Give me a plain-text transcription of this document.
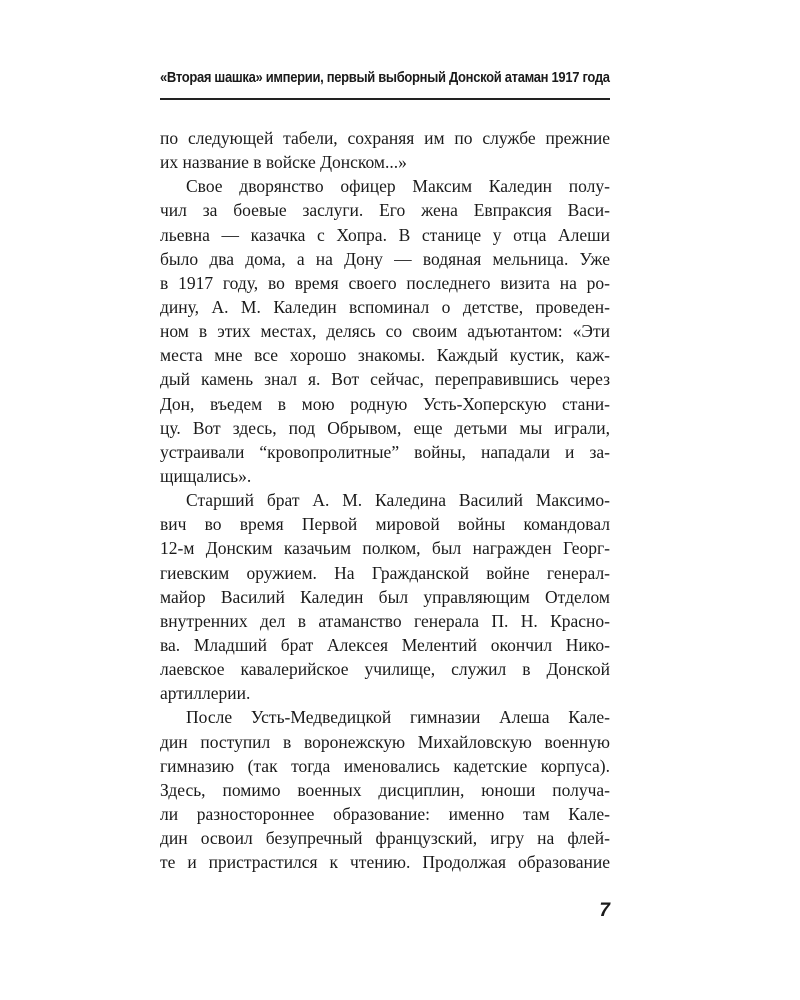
«Вторая шашка» империи, первый выборный Донской атаман 1917 года
по следующей табели, сохраняя им по службе прежние
их название в войске Донском...»
Свое дворянство офицер Максим Каледин полу-
чил за боевые заслуги. Его жена Евпраксия Васи-
льевна — казачка с Хопра. В станице у отца Алеши
было два дома, а на Дону — водяная мельница. Уже
в 1917 году, во время своего последнего визита на ро-
дину, А. М. Каледин вспоминал о детстве, проведен-
ном в этих местах, делясь со своим адъютантом: «Эти
места мне все хорошо знакомы. Каждый кустик, каж-
дый камень знал я. Вот сейчас, переправившись через
Дон, въедем в мою родную Усть-Хоперскую стани-
цу. Вот здесь, под Обрывом, еще детьми мы играли,
устраивали “кровопролитные” войны, нападали и за-
щищались».
Старший брат А. М. Каледина Василий Максимо-
вич во время Первой мировой войны командовал
12-м Донским казачьим полком, был награжден Георг-
гиевским оружием. На Гражданской войне генерал-
майор Василий Каледин был управляющим Отделом
внутренних дел в атаманство генерала П. Н. Красно-
ва. Младший брат Алексея Мелентий окончил Нико-
лаевское кавалерийское училище, служил в Донской
артиллерии.
После Усть-Медведицкой гимназии Алеша Кале-
дин поступил в воронежскую Михайловскую военную
гимназию (так тогда именовались кадетские корпуса).
Здесь, помимо военных дисциплин, юноши получа-
ли разностороннее образование: именно там Кале-
дин освоил безупречный французский, игру на флей-
те и пристрастился к чтению. Продолжая образование
7
